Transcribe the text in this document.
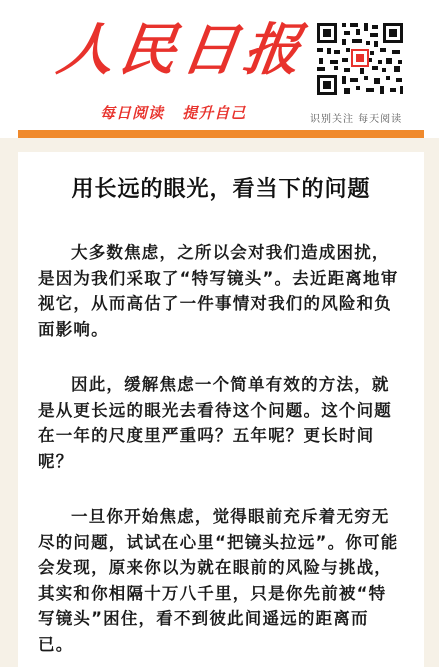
人民日报
每日阅读 提升自己	识别关注 每天阅读
用长远的眼光，看当下的问题

大多数焦虑，之所以会对我们造成困扰，是因为我们采取了“特写镜头”。去近距离地审视它，从而高估了一件事情对我们的风险和负面影响。

因此，缓解焦虑一个简单有效的方法，就是从更长远的眼光去看待这个问题。这个问题在一年的尺度里严重吗？五年呢？更长时间呢？

一旦你开始焦虑，觉得眼前充斥着无穷无尽的问题，试试在心里“把镜头拉远”。你可能会发现，原来你以为就在眼前的风险与挑战，其实和你相隔十万八千里，只是你先前被“特写镜头”困住，看不到彼此间遥远的距离而已。
